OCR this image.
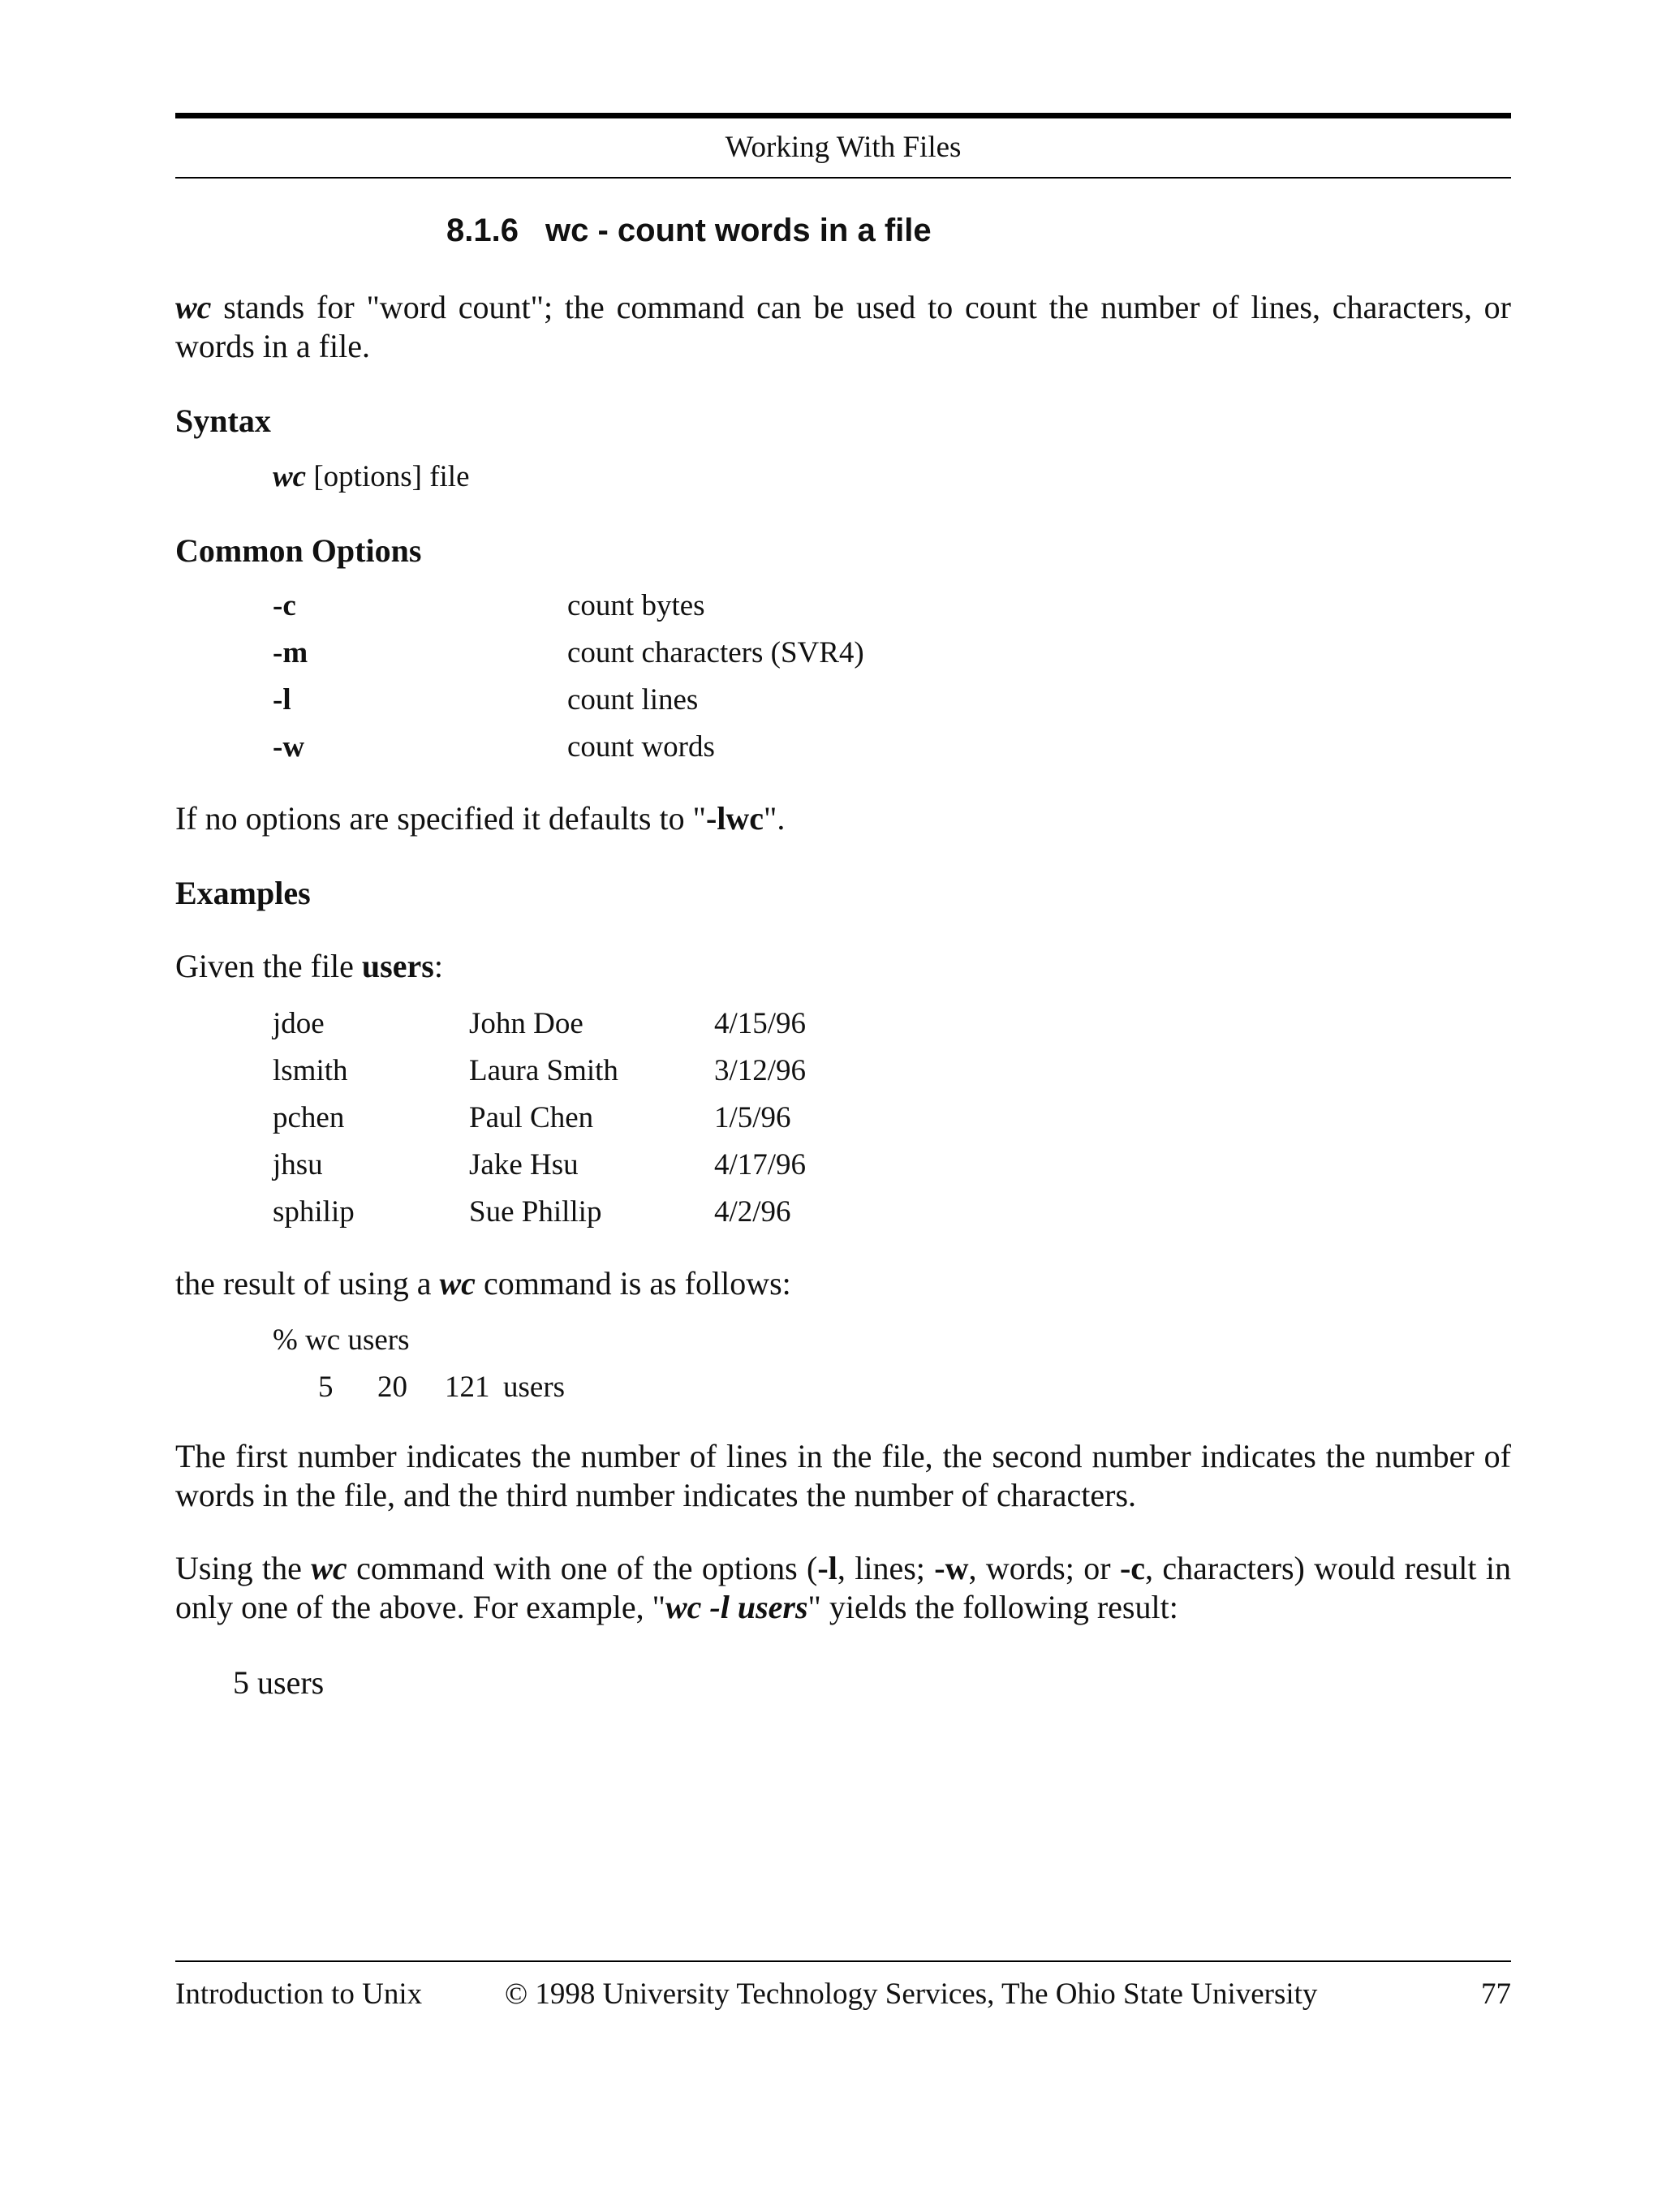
Working With Files
8.1.6 wc - count words in a file
wc stands for "word count"; the command can be used to count the number of lines, characters, or words in a file.
Syntax
wc [options] file
Common Options
-c	count bytes
-m	count characters (SVR4)
-l	count lines
-w	count words
If no options are specified it defaults to "-lwc".
Examples
Given the file users:
jdoe	John Doe	4/15/96
lsmith	Laura Smith	3/12/96
pchen	Paul Chen	1/5/96
jhsu	Jake Hsu	4/17/96
sphilip	Sue Phillip	4/2/96
the result of using a wc command is as follows:
% wc users
5 20 121 users
The first number indicates the number of lines in the file, the second number indicates the number of words in the file, and the third number indicates the number of characters.
Using the wc command with one of the options (-l, lines; -w, words; or -c, characters) would result in only one of the above. For example, "wc -l users" yields the following result:
5 users
Introduction to Unix	© 1998 University Technology Services, The Ohio State University	77
